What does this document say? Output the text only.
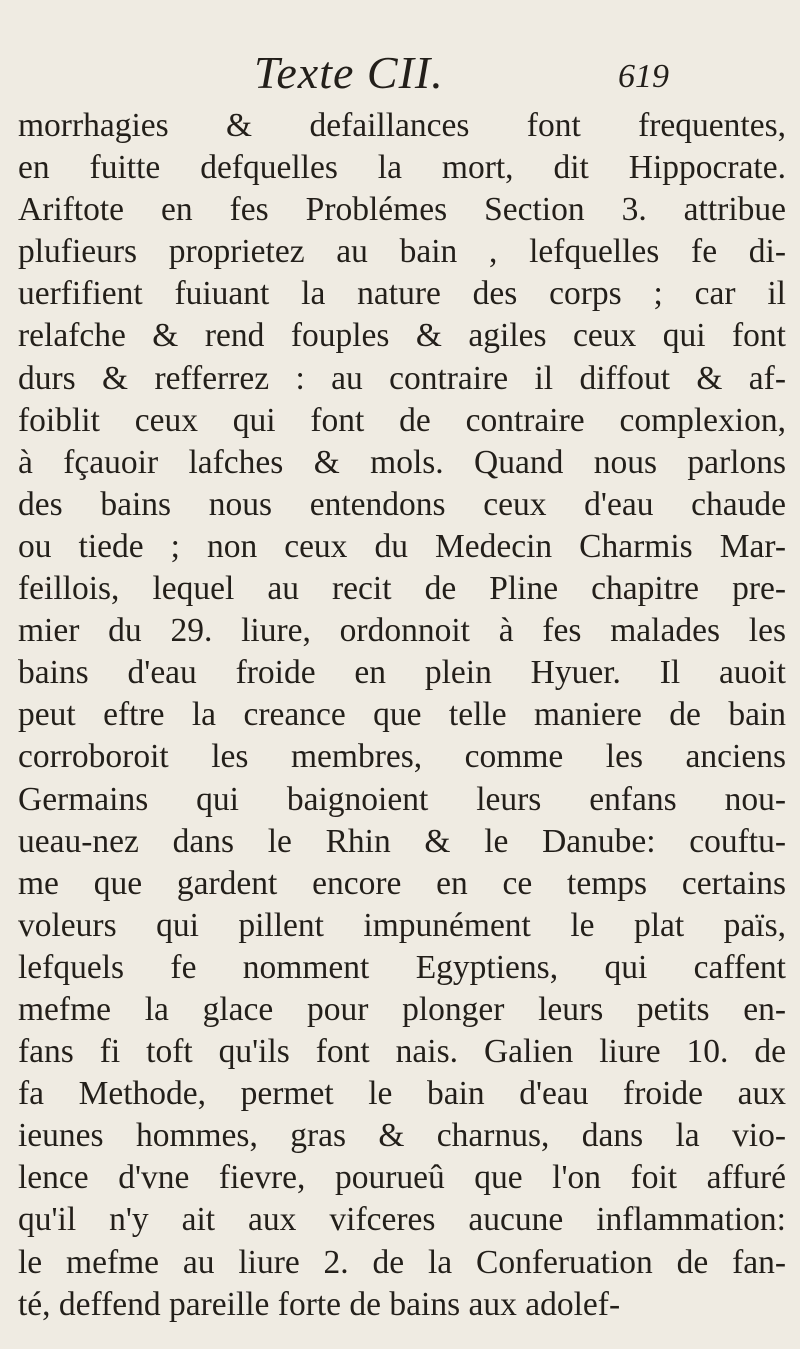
Texte CII.	619
morrhagies & defaillances font frequentes,
en fuitte defquelles la mort, dit Hippocrate.
Ariftote en fes Problémes Section 3. attribue
plufieurs proprietez au bain , lefquelles fe di-
uerfifient fuiuant la nature des corps ; car il
relafche & rend fouples & agiles ceux qui font
durs & refferrez : au contraire il diffout & af-
foiblit ceux qui font de contraire complexion,
à fçauoir lafches & mols. Quand nous parlons
des bains nous entendons ceux d'eau chaude
ou tiede ; non ceux du Medecin Charmis Mar-
feillois, lequel au recit de Pline chapitre pre-
mier du 29. liure, ordonnoit à fes malades les
bains d'eau froide en plein Hyuer. Il auoit
peut eftre la creance que telle maniere de bain
corroboroit les membres, comme les anciens
Germains qui baignoient leurs enfans nou-
ueau-nez dans le Rhin & le Danube: couftu-
me que gardent encore en ce temps certains
voleurs qui pillent impunément le plat païs,
lefquels fe nomment Egyptiens, qui caffent
mefme la glace pour plonger leurs petits en-
fans fi toft qu'ils font nais. Galien liure 10. de
fa Methode, permet le bain d'eau froide aux
ieunes hommes, gras & charnus, dans la vio-
lence d'vne fievre, pourueû que l'on foit affuré
qu'il n'y ait aux vifceres aucune inflammation:
le mefme au liure 2. de la Conferuation de fan-
té, deffend pareille forte de bains aux adolef-
